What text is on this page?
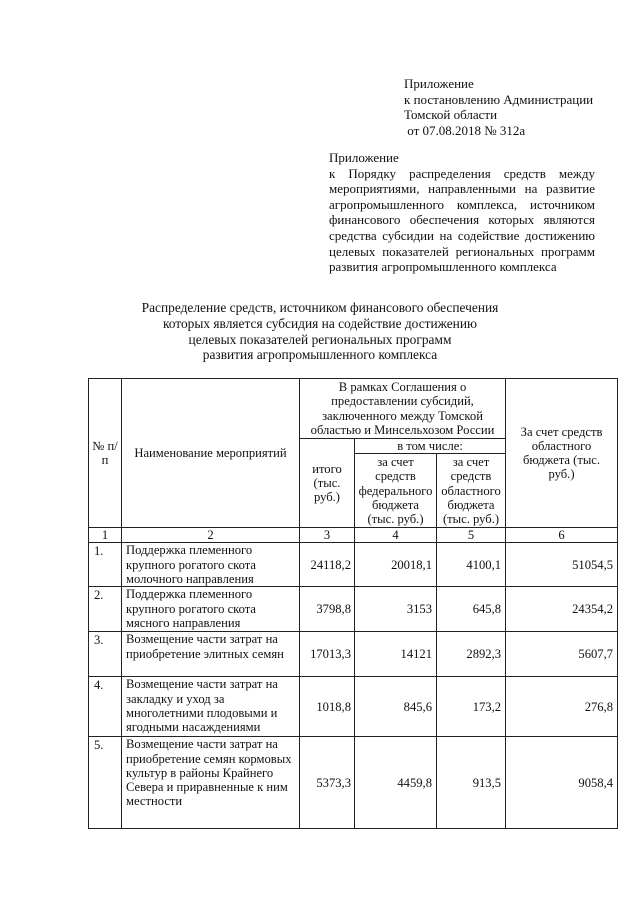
Приложение
к постановлению Администрации
Томской области
от 07.08.2018 № 312а
Приложение
к Порядку распределения средств между
мероприятиями, направленными на развитие
агропромышленного комплекса, источником
финансового обеспечения которых являются
средства субсидии на содействие достижению
целевых показателей региональных программ
развития агропромышленного комплекса
Распределение средств, источником финансового обеспечения
которых является субсидия на содействие достижению
целевых показателей региональных программ
развития агропромышленного комплекса
№ п/п	Наименование мероприятий	В рамках Соглашения о предоставлении субсидий, заключенного между Томской областью и Минсельхозом России			За счет средств областного бюджета (тыс. руб.)
		итого (тыс. руб.)	в том числе:		
			за счет средств федерального бюджета (тыс. руб.)	за счет средств областного бюджета (тыс. руб.)	
1	2	3	4	5	6
1.	Поддержка племенного крупного рогатого скота молочного направления	24118,2	20018,1	4100,1	51054,5
2.	Поддержка племенного крупного рогатого скота мясного направления	3798,8	3153	645,8	24354,2
3.	Возмещение части затрат на приобретение элитных семян	17013,3	14121	2892,3	5607,7
4.	Возмещение части затрат на закладку и уход за многолетними плодовыми и ягодными насаждениями	1018,8	845,6	173,2	276,8
5.	Возмещение части затрат на приобретение семян кормовых культур в районы Крайнего Севера и приравненные к ним местности	5373,3	4459,8	913,5	9058,4
